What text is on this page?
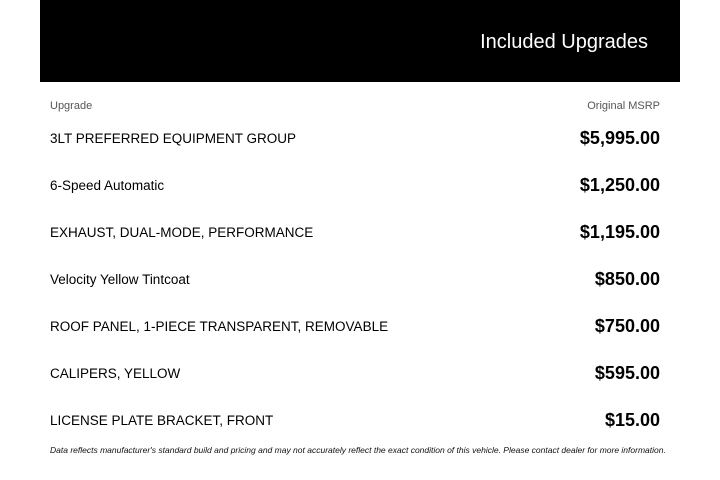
Included Upgrades
Upgrade	Original MSRP
3LT PREFERRED EQUIPMENT GROUP	$5,995.00
6-Speed Automatic	$1,250.00
EXHAUST, DUAL-MODE, PERFORMANCE	$1,195.00
Velocity Yellow Tintcoat	$850.00
ROOF PANEL, 1-PIECE TRANSPARENT, REMOVABLE	$750.00
CALIPERS, YELLOW	$595.00
LICENSE PLATE BRACKET, FRONT	$15.00
Data reflects manufacturer's standard build and pricing and may not accurately reflect the exact condition of this vehicle. Please contact dealer for more information.
